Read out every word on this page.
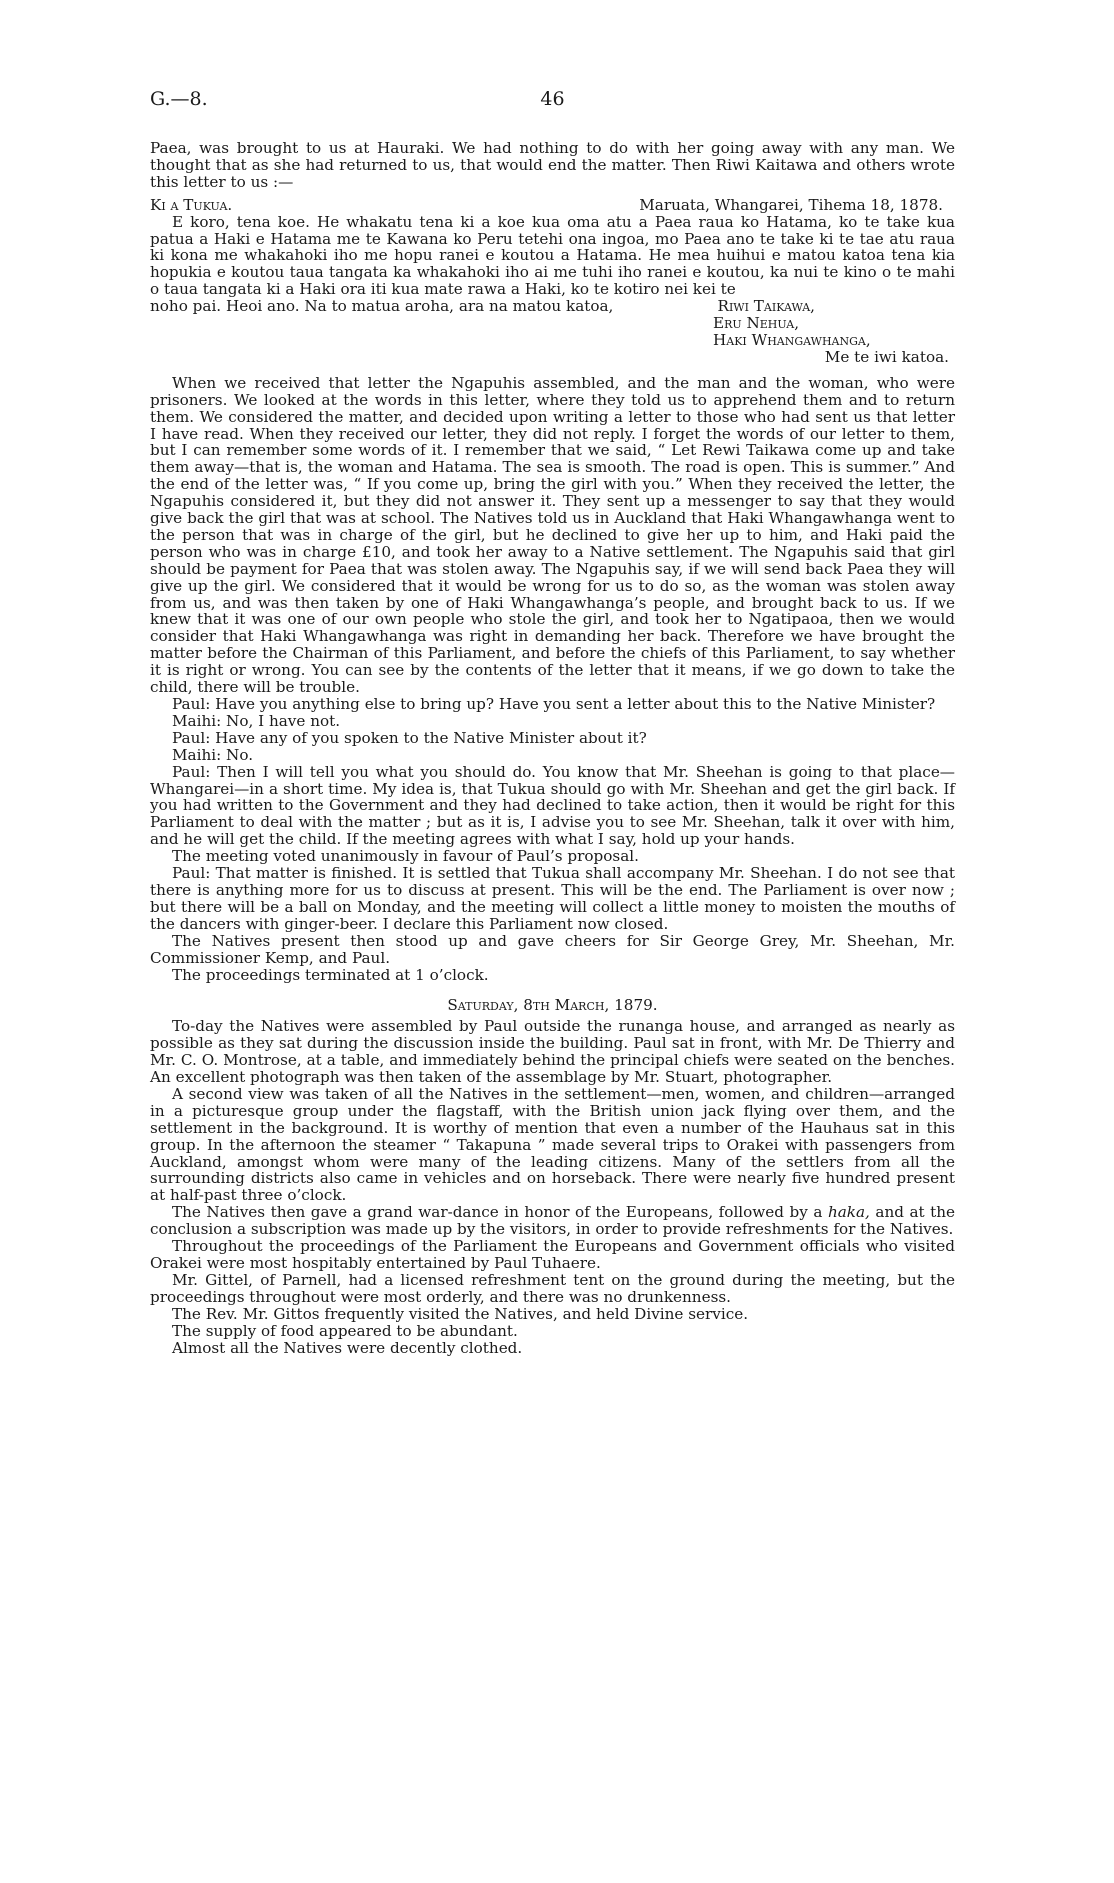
G.—8.	46

Paea, was brought to us at Hauraki. We had nothing to do with her going away with any man. We thought that as she had returned to us, that would end the matter. Then Riwi Kaitawa and others wrote this letter to us :—

Ki a Tukua.	Maruata, Whangarei, Tihema 18, 1878.

E koro, tena koe. He whakatu tena ki a koe kua oma atu a Paea raua ko Hatama, ko te take kua patua a Haki e Hatama me te Kawana ko Peru tetehi ona ingoa, mo Paea ano te take ki te tae atu raua ki kona me whakahoki iho me hopu ranei e koutou a Hatama. He mea huihui e matou katoa tena kia hopukia e koutou taua tangata ka whakahoki iho ai me tuhi iho ranei e koutou, ka nui te kino o te mahi o taua tangata ki a Haki ora iti kua mate rawa a Haki, ko te kotiro nei kei te

noho pai. Heoi ano. Na to matua aroha, ara na matou katoa,	Riwi Taikawa,
Eru Nehua,
Haki Whangawhanga,
Me te iwi katoa.

When we received that letter the Ngapuhis assembled, and the man and the woman, who were prisoners. We looked at the words in this letter, where they told us to apprehend them and to return them. We considered the matter, and decided upon writing a letter to those who had sent us that letter I have read. When they received our letter, they did not reply. I forget the words of our letter to them, but I can remember some words of it. I remember that we said, “ Let Rewi Taikawa come up and take them away—that is, the woman and Hatama. The sea is smooth. The road is open. This is summer.” And the end of the letter was, “ If you come up, bring the girl with you.” When they received the letter, the Ngapuhis considered it, but they did not answer it. They sent up a messenger to say that they would give back the girl that was at school. The Natives told us in Auckland that Haki Whangawhanga went to the person that was in charge of the girl, but he declined to give her up to him, and Haki paid the person who was in charge £10, and took her away to a Native settlement. The Ngapuhis said that girl should be payment for Paea that was stolen away. The Ngapuhis say, if we will send back Paea they will give up the girl. We considered that it would be wrong for us to do so, as the woman was stolen away from us, and was then taken by one of Haki Whangawhanga’s people, and brought back to us. If we knew that it was one of our own people who stole the girl, and took her to Ngatipaoa, then we would consider that Haki Whangawhanga was right in demanding her back. Therefore we have brought the matter before the Chairman of this Parliament, and before the chiefs of this Parliament, to say whether it is right or wrong. You can see by the contents of the letter that it means, if we go down to take the child, there will be trouble.

Paul: Have you anything else to bring up? Have you sent a letter about this to the Native Minister?

Maihi: No, I have not.

Paul: Have any of you spoken to the Native Minister about it?

Maihi: No.

Paul: Then I will tell you what you should do. You know that Mr. Sheehan is going to that place—Whangarei—in a short time. My idea is, that Tukua should go with Mr. Sheehan and get the girl back. If you had written to the Government and they had declined to take action, then it would be right for this Parliament to deal with the matter ; but as it is, I advise you to see Mr. Sheehan, talk it over with him, and he will get the child. If the meeting agrees with what I say, hold up your hands.

The meeting voted unanimously in favour of Paul’s proposal.

Paul: That matter is finished. It is settled that Tukua shall accompany Mr. Sheehan. I do not see that there is anything more for us to discuss at present. This will be the end. The Parliament is over now ; but there will be a ball on Monday, and the meeting will collect a little money to moisten the mouths of the dancers with ginger-beer. I declare this Parliament now closed.

The Natives present then stood up and gave cheers for Sir George Grey, Mr. Sheehan, Mr. Commissioner Kemp, and Paul.

The proceedings terminated at 1 o’clock.

Saturday, 8th March, 1879.

To-day the Natives were assembled by Paul outside the runanga house, and arranged as nearly as possible as they sat during the discussion inside the building. Paul sat in front, with Mr. De Thierry and Mr. C. O. Montrose, at a table, and immediately behind the principal chiefs were seated on the benches. An excellent photograph was then taken of the assemblage by Mr. Stuart, photographer.

A second view was taken of all the Natives in the settlement—men, women, and children—arranged in a picturesque group under the flagstaff, with the British union jack flying over them, and the settlement in the background. It is worthy of mention that even a number of the Hauhaus sat in this group. In the afternoon the steamer “ Takapuna ” made several trips to Orakei with passengers from Auckland, amongst whom were many of the leading citizens. Many of the settlers from all the surrounding districts also came in vehicles and on horseback. There were nearly five hundred present at half-past three o’clock.

The Natives then gave a grand war-dance in honor of the Europeans, followed by a haka, and at the conclusion a subscription was made up by the visitors, in order to provide refreshments for the Natives.

Throughout the proceedings of the Parliament the Europeans and Government officials who visited Orakei were most hospitably entertained by Paul Tuhaere.

Mr. Gittel, of Parnell, had a licensed refreshment tent on the ground during the meeting, but the proceedings throughout were most orderly, and there was no drunkenness.

The Rev. Mr. Gittos frequently visited the Natives, and held Divine service.

The supply of food appeared to be abundant.

Almost all the Natives were decently clothed.
